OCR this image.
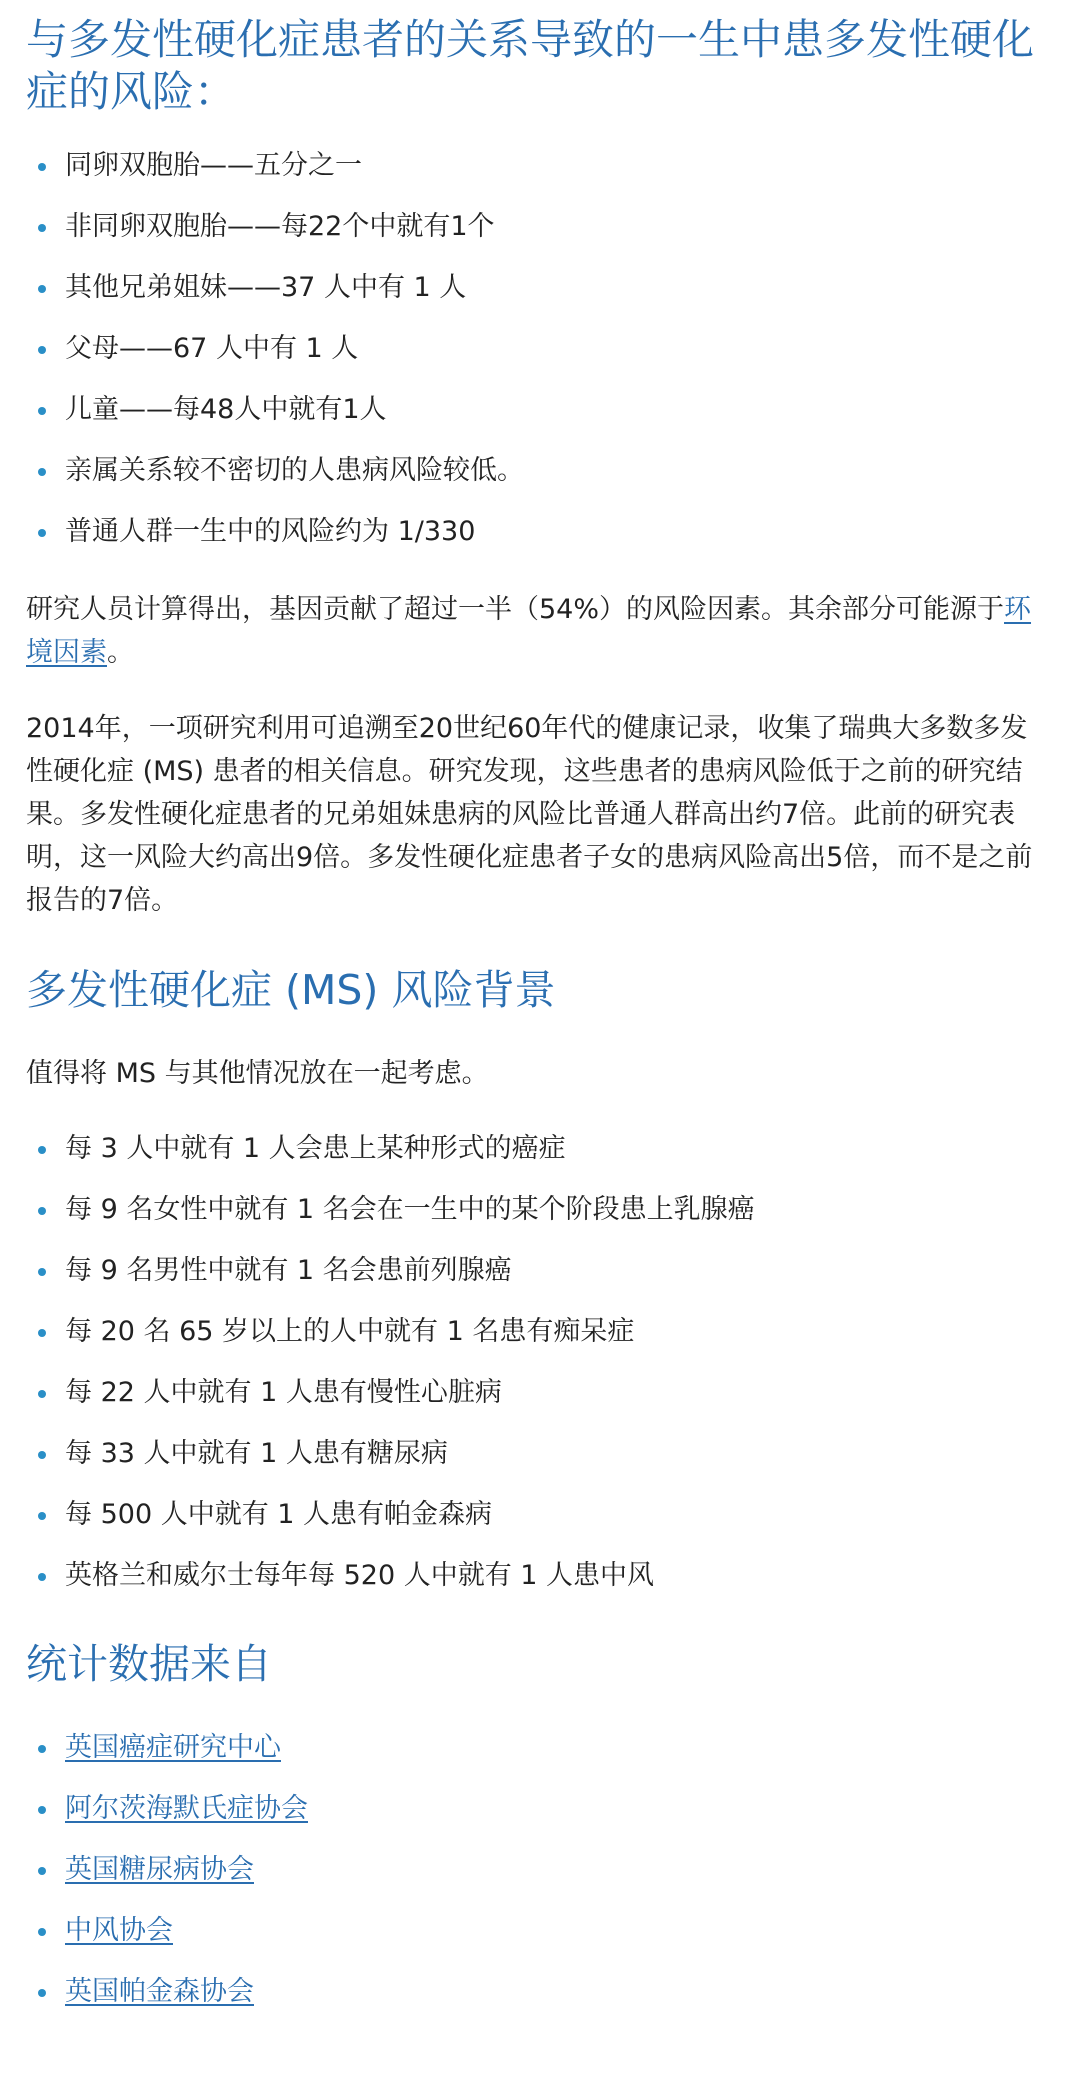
与多发性硬化症患者的关系导致的一生中患多发性硬化症的风险：
同卵双胞胎——五分之一
非同卵双胞胎——每22个中就有1个
其他兄弟姐妹——37 人中有 1 人
父母——67 人中有 1 人
儿童——每48人中就有1人
亲属关系较不密切的人患病风险较低。
普通人群一生中的风险约为 1/330

研究人员计算得出，基因贡献了超过一半（54%）的风险因素。其余部分可能源于环境因素。

2014年，一项研究利用可追溯至20世纪60年代的健康记录，收集了瑞典大多数多发性硬化症 (MS) 患者的相关信息。研究发现，这些患者的患病风险低于之前的研究结果。多发性硬化症患者的兄弟姐妹患病的风险比普通人群高出约7倍。此前的研究表明，这一风险大约高出9倍。多发性硬化症患者子女的患病风险高出5倍，而不是之前报告的7倍。

多发性硬化症 (MS) 风险背景

值得将 MS 与其他情况放在一起考虑。

每 3 人中就有 1 人会患上某种形式的癌症
每 9 名女性中就有 1 名会在一生中的某个阶段患上乳腺癌
每 9 名男性中就有 1 名会患前列腺癌
每 20 名 65 岁以上的人中就有 1 名患有痴呆症
每 22 人中就有 1 人患有慢性心脏病
每 33 人中就有 1 人患有糖尿病
每 500 人中就有 1 人患有帕金森病
英格兰和威尔士每年每 520 人中就有 1 人患中风
统计数据来自
英国癌症研究中心
阿尔茨海默氏症协会
英国糖尿病协会
中风协会
英国帕金森协会
